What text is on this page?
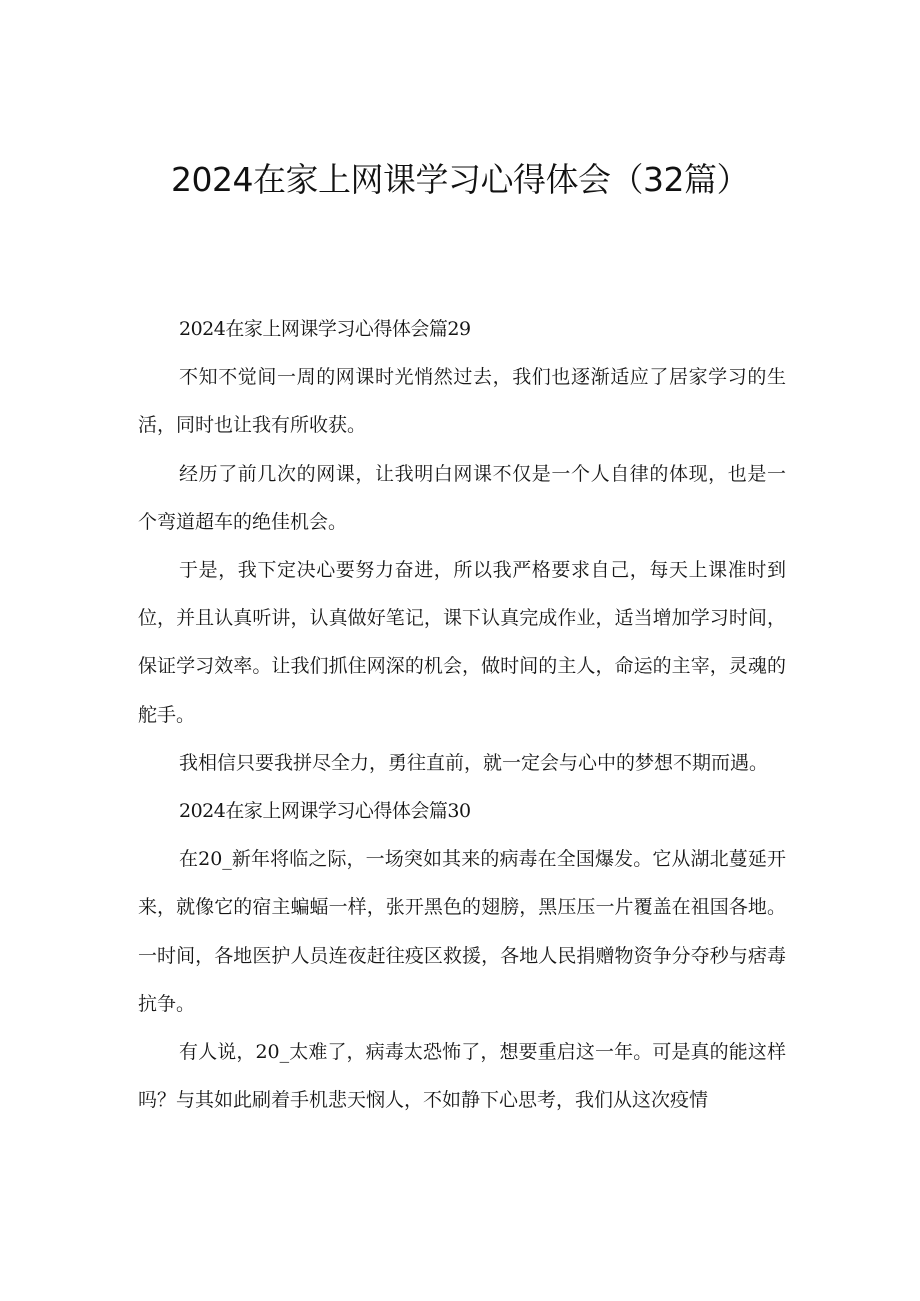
2024在家上网课学习心得体会（32篇）

2024在家上网课学习心得体会篇29

不知不觉间一周的网课时光悄然过去，我们也逐渐适应了居家学习的生活，同时也让我有所收获。

经历了前几次的网课，让我明白网课不仅是一个人自律的体现，也是一个弯道超车的绝佳机会。

于是，我下定决心要努力奋进，所以我严格要求自己，每天上课准时到位，并且认真听讲，认真做好笔记，课下认真完成作业，适当增加学习时间，保证学习效率。让我们抓住网深的机会，做时间的主人，命运的主宰，灵魂的舵手。

我相信只要我拼尽全力，勇往直前，就一定会与心中的梦想不期而遇。

2024在家上网课学习心得体会篇30

在20_新年将临之际，一场突如其来的病毒在全国爆发。它从湖北蔓延开来，就像它的宿主蝙蝠一样，张开黑色的翅膀，黑压压一片覆盖在祖国各地。一时间，各地医护人员连夜赶往疫区救援，各地人民捐赠物资争分夺秒与痞毒抗争。

有人说，20_太难了，病毒太恐怖了，想要重启这一年。可是真的能这样吗？与其如此刷着手机悲天悯人，不如静下心思考，我们从这次疫情
